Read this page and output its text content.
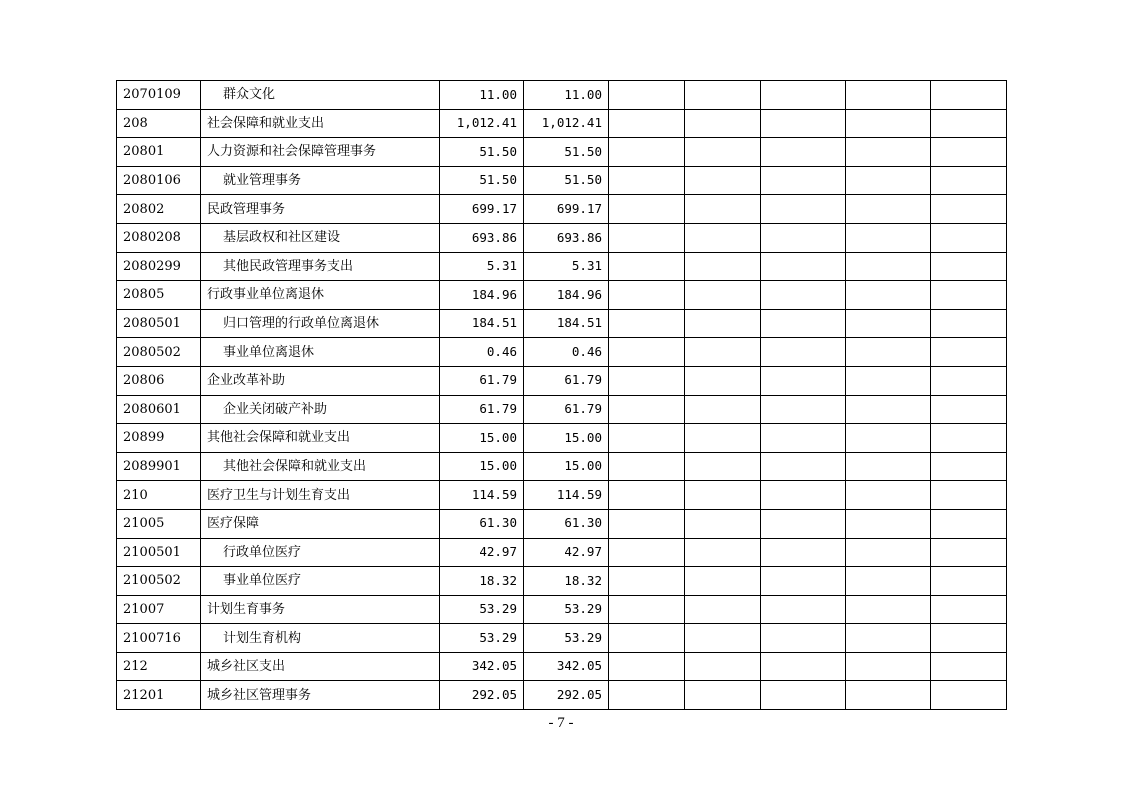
2070109	群众文化	11.00	11.00					
208	社会保障和就业支出	1,012.41	1,012.41					
20801	人力资源和社会保障管理事务	51.50	51.50					
2080106	就业管理事务	51.50	51.50					
20802	民政管理事务	699.17	699.17					
2080208	基层政权和社区建设	693.86	693.86					
2080299	其他民政管理事务支出	5.31	5.31					
20805	行政事业单位离退休	184.96	184.96					
2080501	归口管理的行政单位离退休	184.51	184.51					
2080502	事业单位离退休	0.46	0.46					
20806	企业改革补助	61.79	61.79					
2080601	企业关闭破产补助	61.79	61.79					
20899	其他社会保障和就业支出	15.00	15.00					
2089901	其他社会保障和就业支出	15.00	15.00					
210	医疗卫生与计划生育支出	114.59	114.59					
21005	医疗保障	61.30	61.30					
2100501	行政单位医疗	42.97	42.97					
2100502	事业单位医疗	18.32	18.32					
21007	计划生育事务	53.29	53.29					
2100716	计划生育机构	53.29	53.29					
212	城乡社区支出	342.05	342.05					
21201	城乡社区管理事务	292.05	292.05					
- 7 -
